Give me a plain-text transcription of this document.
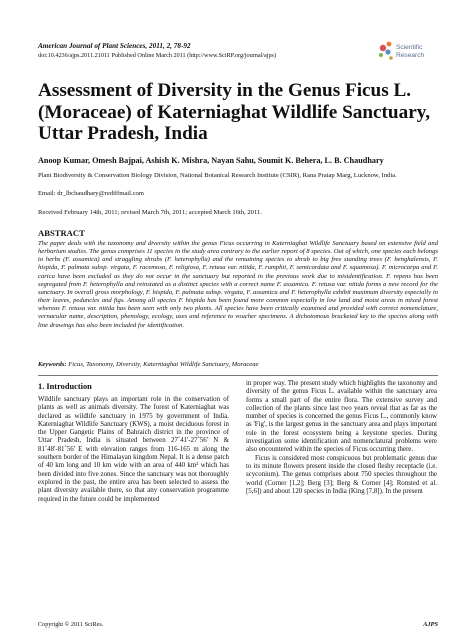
American Journal of Plant Sciences, 2011, 2, 78-92
doi:10.4236/ajps.2011.21011 Published Online March 2011 (http://www.SciRP.org/journal/ajps)
Scientific
Research
Assessment of Diversity in the Genus Ficus L. (Moraceae) of Katerniaghat Wildlife Sanctuary, Uttar Pradesh, India
Anoop Kumar, Omesh Bajpai, Ashish K. Mishra, Nayan Sahu, Soumit K. Behera, L. B. Chaudhary
Plant Biodiversity & Conservation Biology Division, National Botanical Research Institute (CSIR), Rana Pratap Marg, Lucknow, India.
Email: dr_lbchaudhary@rediffmail.com
Received February 14th, 2011; revised March 7th, 2011; accepted March 16th, 2011.
ABSTRACT

The paper deals with the taxonomy and diversity within the genus Ficus occurring in Katerniaghat Wildlife Sanctuary based on extensive field and herbarium studies. The genus comprises 11 species in the study area contrary to the earlier report of 8 species. Out of which, one species each belongs to herbs (F. assamica) and straggling shrubs (F. heterophylla) and the remaining species to shrub to big free standing trees (F. benghalensis, F. hispida, F. palmata subsp. virgata, F. racemosa, F. religiosa, F. retusa var. nitida, F. rumphii, F. semicordata and F. squamosa). F. microcarpa and F. carica have been excluded as they do not occur in the sanctuary but reported in the previous work due to misidentification. F. repens has been segregated from F. heterophylla and reinstated as a distinct species with a correct name F. assamica. F. retusa var. nitida forms a new record for the sanctuary. In overall gross morphology, F. hispida, F. palmata subsp. virgata, F. assamica and F. heterophylla exhibit maximum diversity especially in their leaves, peduncles and figs. Among all species F. hispida has been found more common especially in low land and moist areas in mixed forest whereas F. retusa var. nitida has been seen with only two plants. All species have been critically examined and provided with correct nomenclature, vernacular name, description, phenology, ecology, uses and reference to voucher specimens. A dichotomous bracketed key to the species along with line drawings has also been included for identification.

Keywords: Ficus, Taxonomy, Diversity, Katerniaghat Wildlife Sanctuary, Moraceae
1. Introduction

Wildlife sanctuary plays an important role in the conservation of plants as well as animals diversity. The forest of Katerniaghat was declared as wildlife sanctuary in 1975 by government of India. Katerniaghat Wildlife Sanctuary (KWS), a moist deciduous forest in the Upper Gangetic Plains of Bahraich district in the province of Uttar Pradesh, India is situated between 27˚41'-27˚56' N & 81˚48'-81˚56' E with elevation ranges from 116-165 m along the southern border of the Himalayan kingdom Nepal. It is a dense patch of 40 km long and 10 km wide with an area of 440 km² which has been divided into five zones. Since the sanctuary was not thoroughly explored in the past, the entire area has been selected to assess the plant diversity available there, so that any conservation programme required in the future could be implemented

in proper way. The present study which highlights the taxonomy and diversity of the genus Ficus L. available within the sanctuary area forms a small part of the entire flora. The extensive survey and collection of the plants since last two years reveal that as far as the number of species is concerned the genus Ficus L., commonly know as 'Fig', is the largest genus in the sanctuary area and plays important role in the forest ecosystem being a keystone species. During investigation some identification and nomenclatural problems were also encountered within the species of Ficus occurring there.

Ficus is considered most conspicuous but problematic genus due to its minute flowers present inside the closed fleshy receptacle (i.e. scyconium). The genus comprises about 750 species throughout the world (Corner [1,2]; Berg [3]; Berg & Corner [4]; Ronsted et al. [5,6]) and about 120 species in India (King [7,8]). In the present

Copyright © 2011 SciRes.	AJPS
